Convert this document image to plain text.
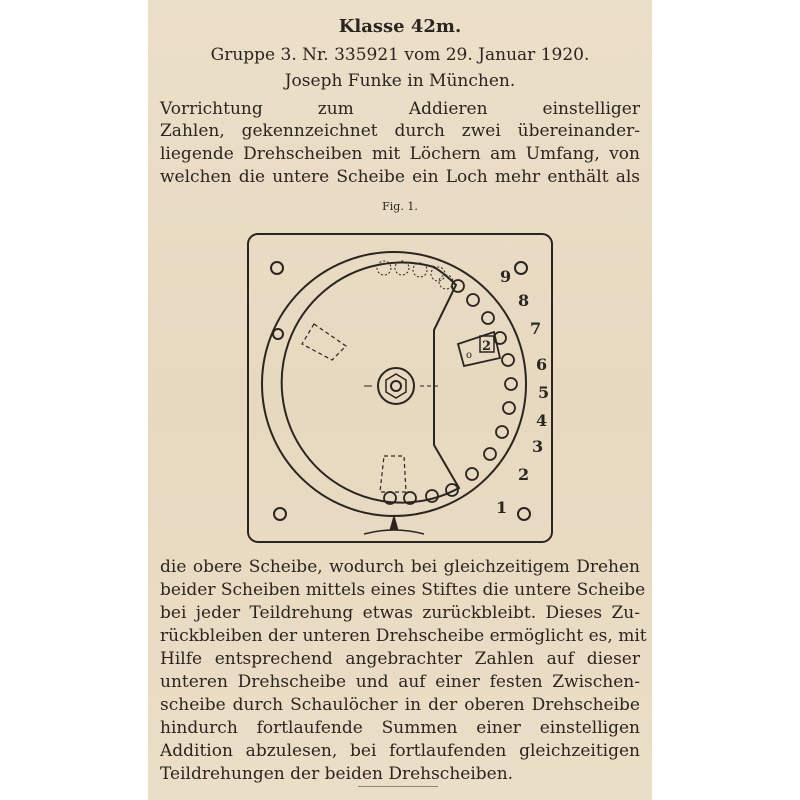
Klasse 42m.
Gruppe 3. Nr. 335921 vom 29. Januar 1920.
Joseph Funke in München.
Vorrichtung zum Addieren einstelliger
Zahlen, gekennzeichnet durch zwei übereinander-
liegende Drehscheiben mit Löchern am Umfang, von
welchen die untere Scheibe ein Loch mehr enthält als
Fig. 1.
1
2
3
4
5
6
7
8
9
2
o
die obere Scheibe, wodurch bei gleichzeitigem Drehen
beider Scheiben mittels eines Stiftes die untere Scheibe
bei jeder Teildrehung etwas zurückbleibt. Dieses Zu-
rückbleiben der unteren Drehscheibe ermöglicht es, mit
Hilfe entsprechend angebrachter Zahlen auf dieser
unteren Drehscheibe und auf einer festen Zwischen-
scheibe durch Schaulöcher in der oberen Drehscheibe
hindurch fortlaufende Summen einer einstelligen
Addition abzulesen, bei fortlaufenden gleichzeitigen
Teildrehungen der beiden Drehscheiben.
